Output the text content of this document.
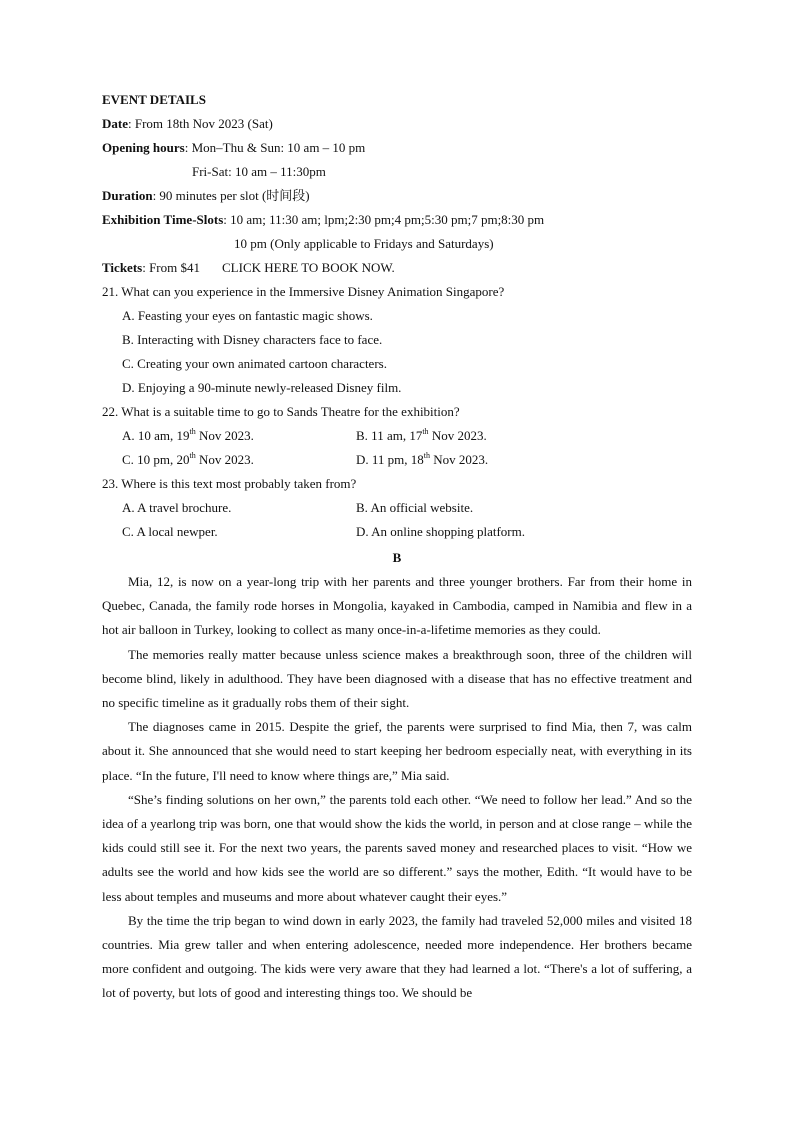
EVENT DETAILS
Date: From 18th Nov 2023 (Sat)
Opening hours: Mon–Thu & Sun: 10 am – 10 pm
Fri-Sat: 10 am – 11:30pm
Duration: 90 minutes per slot (时间段)
Exhibition Time-Slots: 10 am; 11:30 am; lpm;2:30 pm;4 pm;5:30 pm;7 pm;8:30 pm
10 pm (Only applicable to Fridays and Saturdays)
Tickets: From $41 CLICK HERE TO BOOK NOW.
21. What can you experience in the Immersive Disney Animation Singapore?
A. Feasting your eyes on fantastic magic shows.
B. Interacting with Disney characters face to face.
C. Creating your own animated cartoon characters.
D. Enjoying a 90-minute newly-released Disney film.
22. What is a suitable time to go to Sands Theatre for the exhibition?
A. 10 am, 19th Nov 2023.	B. 11 am, 17th Nov 2023.
C. 10 pm, 20th Nov 2023.	D. 11 pm, 18th Nov 2023.
23. Where is this text most probably taken from?
A. A travel brochure.	B. An official website.
C. A local newper.	D. An online shopping platform.
B

Mia, 12, is now on a year-long trip with her parents and three younger brothers. Far from their home in Quebec, Canada, the family rode horses in Mongolia, kayaked in Cambodia, camped in Namibia and flew in a hot air balloon in Turkey, looking to collect as many once-in-a-lifetime memories as they could.

The memories really matter because unless science makes a breakthrough soon, three of the children will become blind, likely in adulthood. They have been diagnosed with a disease that has no effective treatment and no specific timeline as it gradually robs them of their sight.

The diagnoses came in 2015. Despite the grief, the parents were surprised to find Mia, then 7, was calm about it. She announced that she would need to start keeping her bedroom especially neat, with everything in its place. “In the future, I'll need to know where things are,” Mia said.

“She’s finding solutions on her own,” the parents told each other. “We need to follow her lead.” And so the idea of a yearlong trip was born, one that would show the kids the world, in person and at close range – while the kids could still see it. For the next two years, the parents saved money and researched places to visit. “How we adults see the world and how kids see the world are so different.” says the mother, Edith. “It would have to be less about temples and museums and more about whatever caught their eyes.”

By the time the trip began to wind down in early 2023, the family had traveled 52,000 miles and visited 18 countries. Mia grew taller and when entering adolescence, needed more independence. Her brothers became more confident and outgoing. The kids were very aware that they had learned a lot. “There's a lot of suffering, a lot of poverty, but lots of good and interesting things too. We should be
